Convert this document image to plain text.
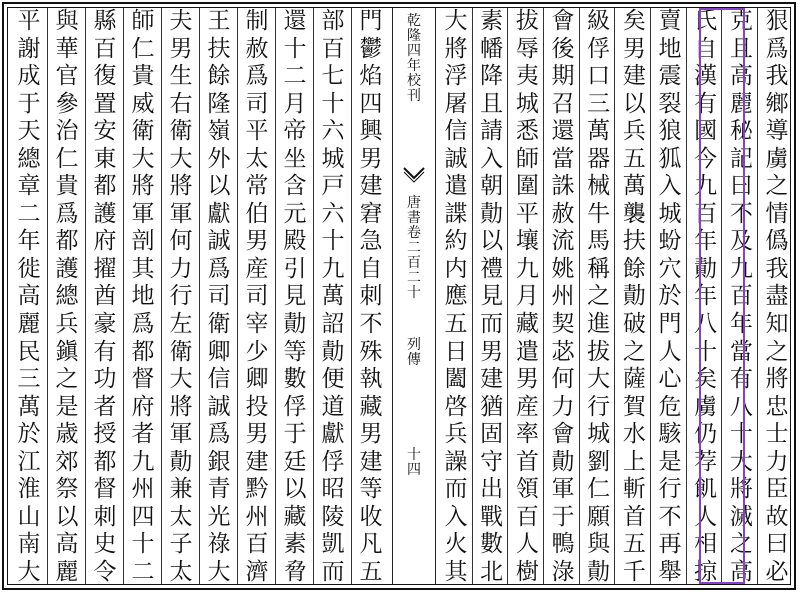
狠
爲
我
鄉
導
虜
之
情
僞
我
盡
知
之
將
忠
士
力
臣
故
曰
必
克
且
高
麗
秘
記
曰
不
及
九
百
年
當
有
八
十
大
將
滅
之
高
氏
自
漢
有
國
今
九
百
年
勣
年
八
十
矣
虜
仍
荐
飢
人
相
掠
賣
地
震
裂
狼
狐
入
城
蚡
穴
於
門
人
心
危
駭
是
行
不
再
舉
矣
男
建
以
兵
五
萬
襲
扶
餘
勣
破
之
薩
賀
水
上
斬
首
五
千
級
俘
口
三
萬
器
械
牛
馬
稱
之
進
拔
大
行
城
劉
仁
願
與
勣
會
後
期
召
還
當
誅
赦
流
姚
州
契
苾
何
力
會
勣
軍
于
鴨
淥
拔
辱
夷
城
悉
師
圍
平
壤
九
月
藏
遣
男
産
率
首
領
百
人
樹
素
幡
降
且
請
入
朝
勣
以
禮
見
而
男
建
猶
固
守
出
戰
數
北
大
將
浮
屠
信
誠
遣
諜
約
内
應
五
日
闔
啓
兵
譟
而
入
火
其
門
鬱
焰
四
興
男
建
窘
急
自
刺
不
殊
執
藏
男
建
等
收
凡
五
部
百
七
十
六
城
戸
六
十
九
萬
詔
勣
便
道
獻
俘
昭
陵
凱
而
還
十
二
月
帝
坐
含
元
殿
引
見
勣
等
數
俘
于
廷
以
藏
素
脅
制
赦
爲
司
平
太
常
伯
男
産
司
宰
少
卿
投
男
建
黔
州
百
濟
王
扶
餘
隆
嶺
外
以
獻
誠
爲
司
衛
卿
信
誠
爲
銀
青
光
祿
大
夫
男
生
右
衛
大
將
軍
何
力
行
左
衛
大
將
軍
勣
兼
太
子
太
師
仁
貴
威
衛
大
將
軍
剖
其
地
爲
都
督
府
者
九
州
四
十
二
縣
百
復
置
安
東
都
護
府
擢
酋
豪
有
功
者
授
都
督
刺
史
令
與
華
官
參
治
仁
貴
爲
都
護
總
兵
鎭
之
是
歳
郊
祭
以
高
麗
平
謝
成
于
天
總
章
二
年
徙
高
麗
民
三
萬
於
江
淮
山
南
大
乾
隆
四
年
校
刊
唐
書
卷
二
百
二
十
列
傳
十
四
